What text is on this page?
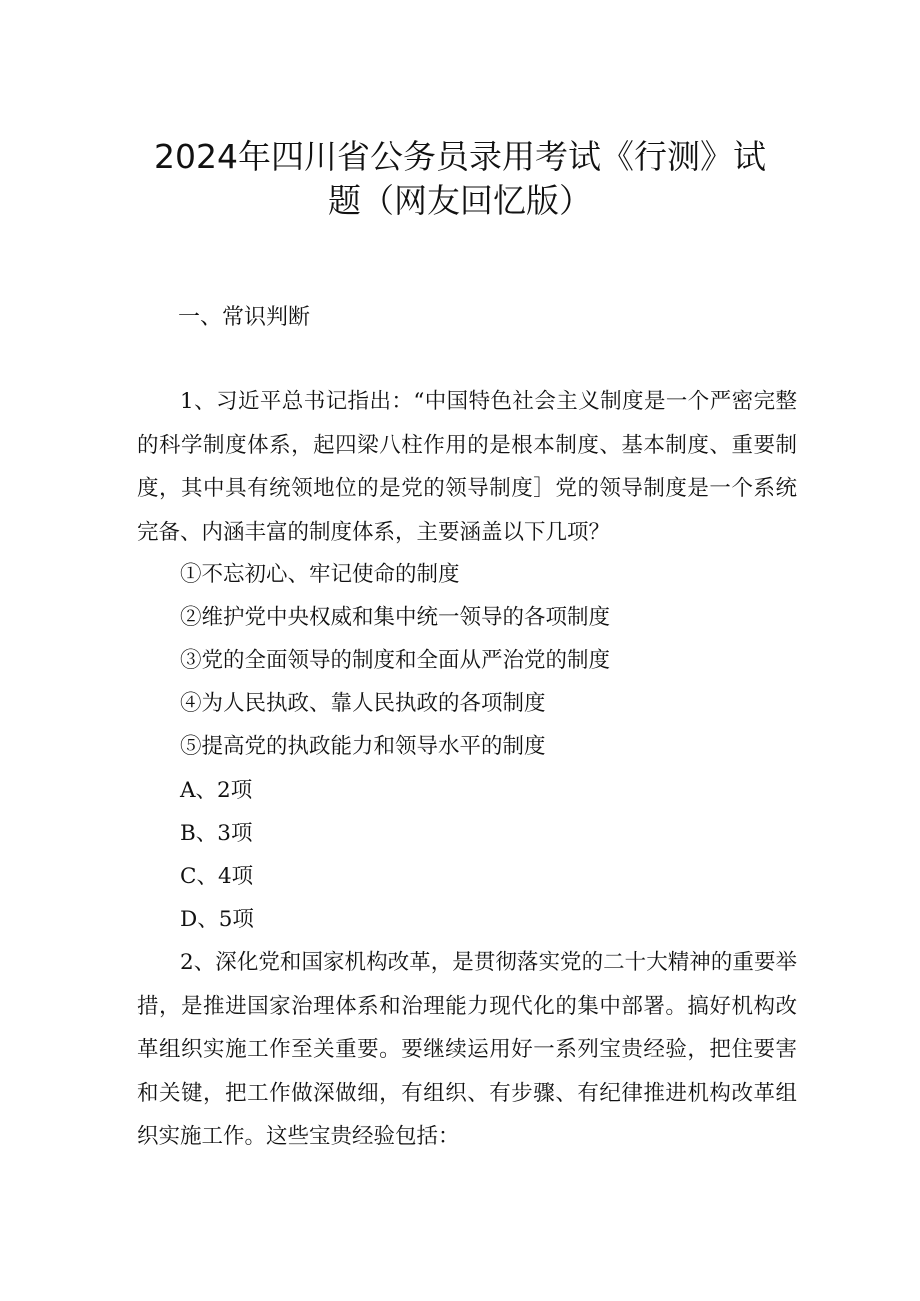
2024年四川省公务员录用考试《行测》试
题（网友回忆版）
一、常识判断
1、习近平总书记指出：“中国特色社会主义制度是一个严密完整的科学制度体系，起四梁八柱作用的是根本制度、基本制度、重要制度，其中具有统领地位的是党的领导制度］党的领导制度是一个系统完备、内涵丰富的制度体系，主要涵盖以下几项？
①不忘初心、牢记使命的制度
②维护党中央权威和集中统一领导的各项制度
③党的全面领导的制度和全面从严治党的制度
④为人民执政、靠人民执政的各项制度
⑤提高党的执政能力和领导水平的制度
A、2项
B、3项
C、4项
D、5项
2、深化党和国家机构改革，是贯彻落实党的二十大精神的重要举措，是推进国家治理体系和治理能力现代化的集中部署。搞好机构改革组织实施工作至关重要。要继续运用好一系列宝贵经验，把住要害和关键，把工作做深做细，有组织、有步骤、有纪律推进机构改革组织实施工作。这些宝贵经验包括：
